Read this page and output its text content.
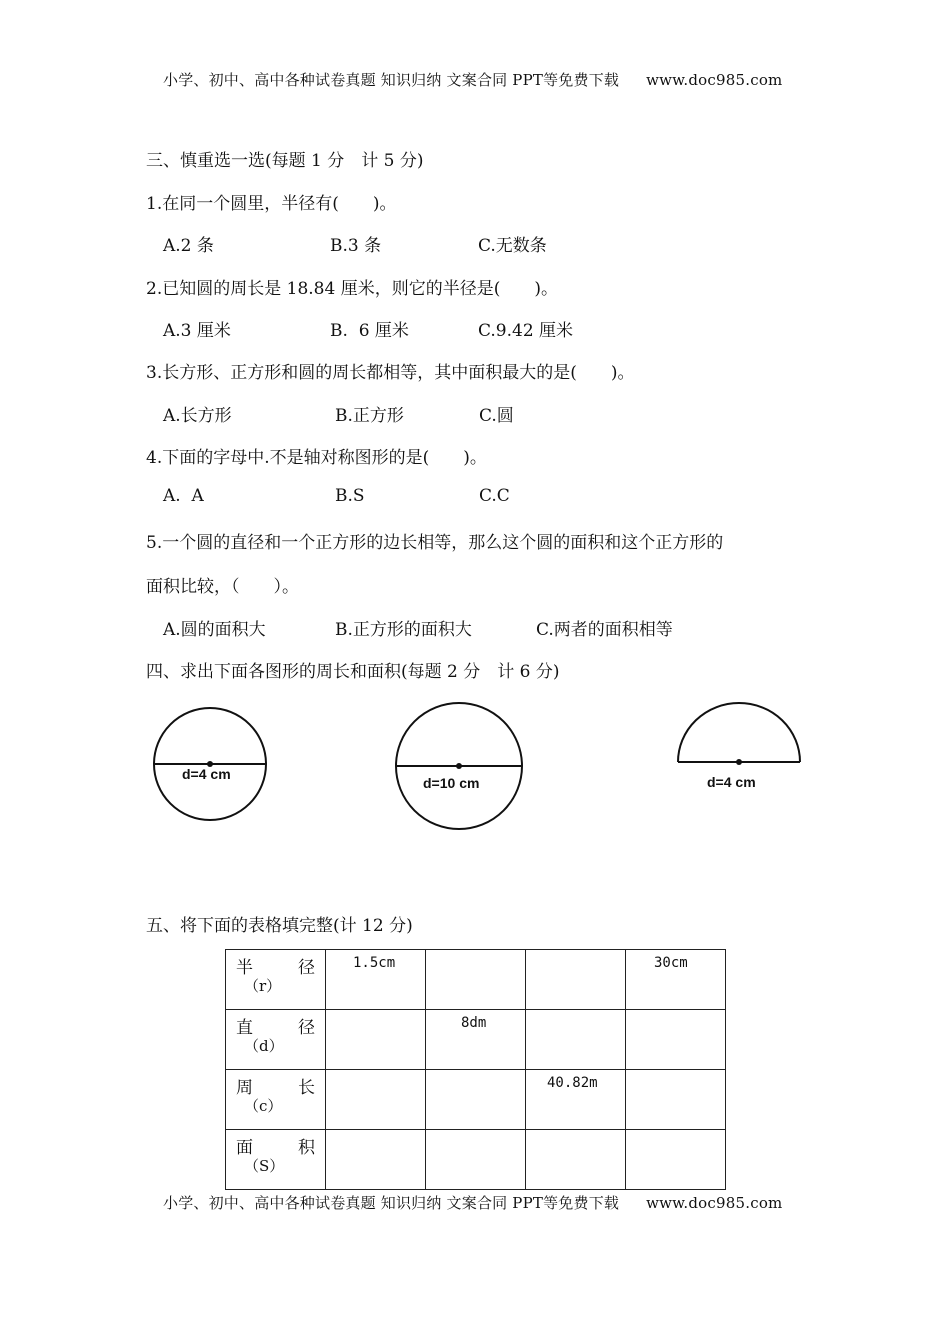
小学、初中、高中各种试卷真题 知识归纳 文案合同 PPT等免费下载 www.doc985.com
三、慎重选一选(每题 1 分　计 5 分)
1.在同一个圆里，半径有(　　)。
A.2 条	B.3 条	C.无数条
2.已知圆的周长是 18.84 厘米，则它的半径是(　　)。
A.3 厘米	B.  6 厘米	C.9.42 厘米
3.长方形、正方形和圆的周长都相等，其中面积最大的是(　　)。
A.长方形	B.正方形	C.圆
4.下面的字母中.不是轴对称图形的是(　　)。
A.  A	B.S	C.C
5.一个圆的直径和一个正方形的边长相等，那么这个圆的面积和这个正方形的
面积比较，（　　）。
A.圆的面积大	B.正方形的面积大	C.两者的面积相等
四、求出下面各图形的周长和面积(每题 2 分　计 6 分)
d=4 cm
d=10 cm	d=4 cm
五、将下面的表格填完整(计 12 分)
半 径
（r）	1.5cm			30cm

直 径
（d）		8dm		

周 长
（c）			40.82m	

面 积
（S）				

小学、初中、高中各种试卷真题 知识归纳 文案合同 PPT等免费下载 www.doc985.com
